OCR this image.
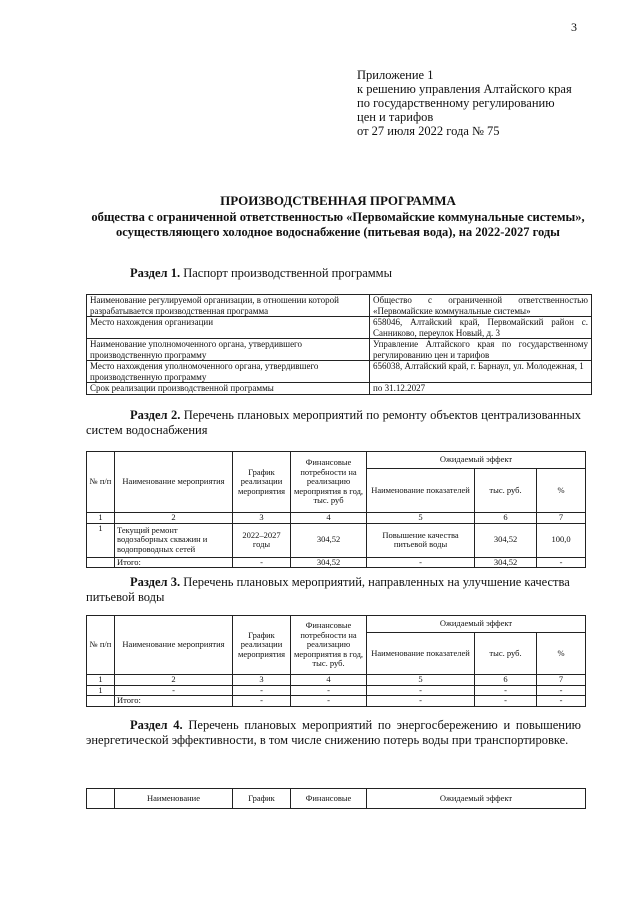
3
Приложение 1
к решению управления Алтайского края
по государственному регулированию
цен и тарифов
от 27 июля 2022 года № 75
ПРОИЗВОДСТВЕННАЯ ПРОГРАММА
общества с ограниченной ответственностью «Первомайские коммунальные системы», осуществляющего холодное водоснабжение (питьевая вода), на 2022-2027 годы
Раздел 1. Паспорт производственной программы
Наименование регулируемой организации, в отношении которой разрабатывается производственная программа	Общество с ограниченной ответственностью «Первомайские коммунальные системы»
Место нахождения организации	658046, Алтайский край, Первомайский район с. Санниково, переулок Новый, д. 3
Наименование уполномоченного органа, утвердившего производственную программу	Управление Алтайского края по государственному регулированию цен и тарифов
Место нахождения уполномоченного органа, утвердившего производственную программу	656038, Алтайский край, г. Барнаул, ул. Молодежная, 1
Срок реализации производственной программы	по 31.12.2027
Раздел 2. Перечень плановых мероприятий по ремонту объектов централизованных систем водоснабжения
№ п/п	Наименование мероприятия	График реализации мероприятия	Финансовые потребности на реализацию мероприятия в год, тыс. руб	Ожидаемый эффект		
				Наименование показателей	тыс. руб.	%
1	2	3	4	5	6	7
1	Текущий ремонт водозаборных скважин и водопроводных сетей	2022–2027 годы	304,52	Повышение качества питьевой воды	304,52	100,0
	Итого:	-	304,52	-	304,52	-
Раздел 3. Перечень плановых мероприятий, направленных на улучшение качества питьевой воды
№ п/п	Наименование мероприятия	График реализации мероприятия	Финансовые потребности на реализацию мероприятия в год, тыс. руб.	Ожидаемый эффект		
				Наименование показателей	тыс. руб.	%
1	2	3	4	5	6	7
1	-	-	-	-	-	-
	Итого:	-	-	-	-	-
Раздел 4. Перечень плановых мероприятий по энергосбережению и повышению энергетической эффективности, в том числе снижению потерь воды при транспортировке.
	Наименование	График	Финансовые	Ожидаемый эффект
